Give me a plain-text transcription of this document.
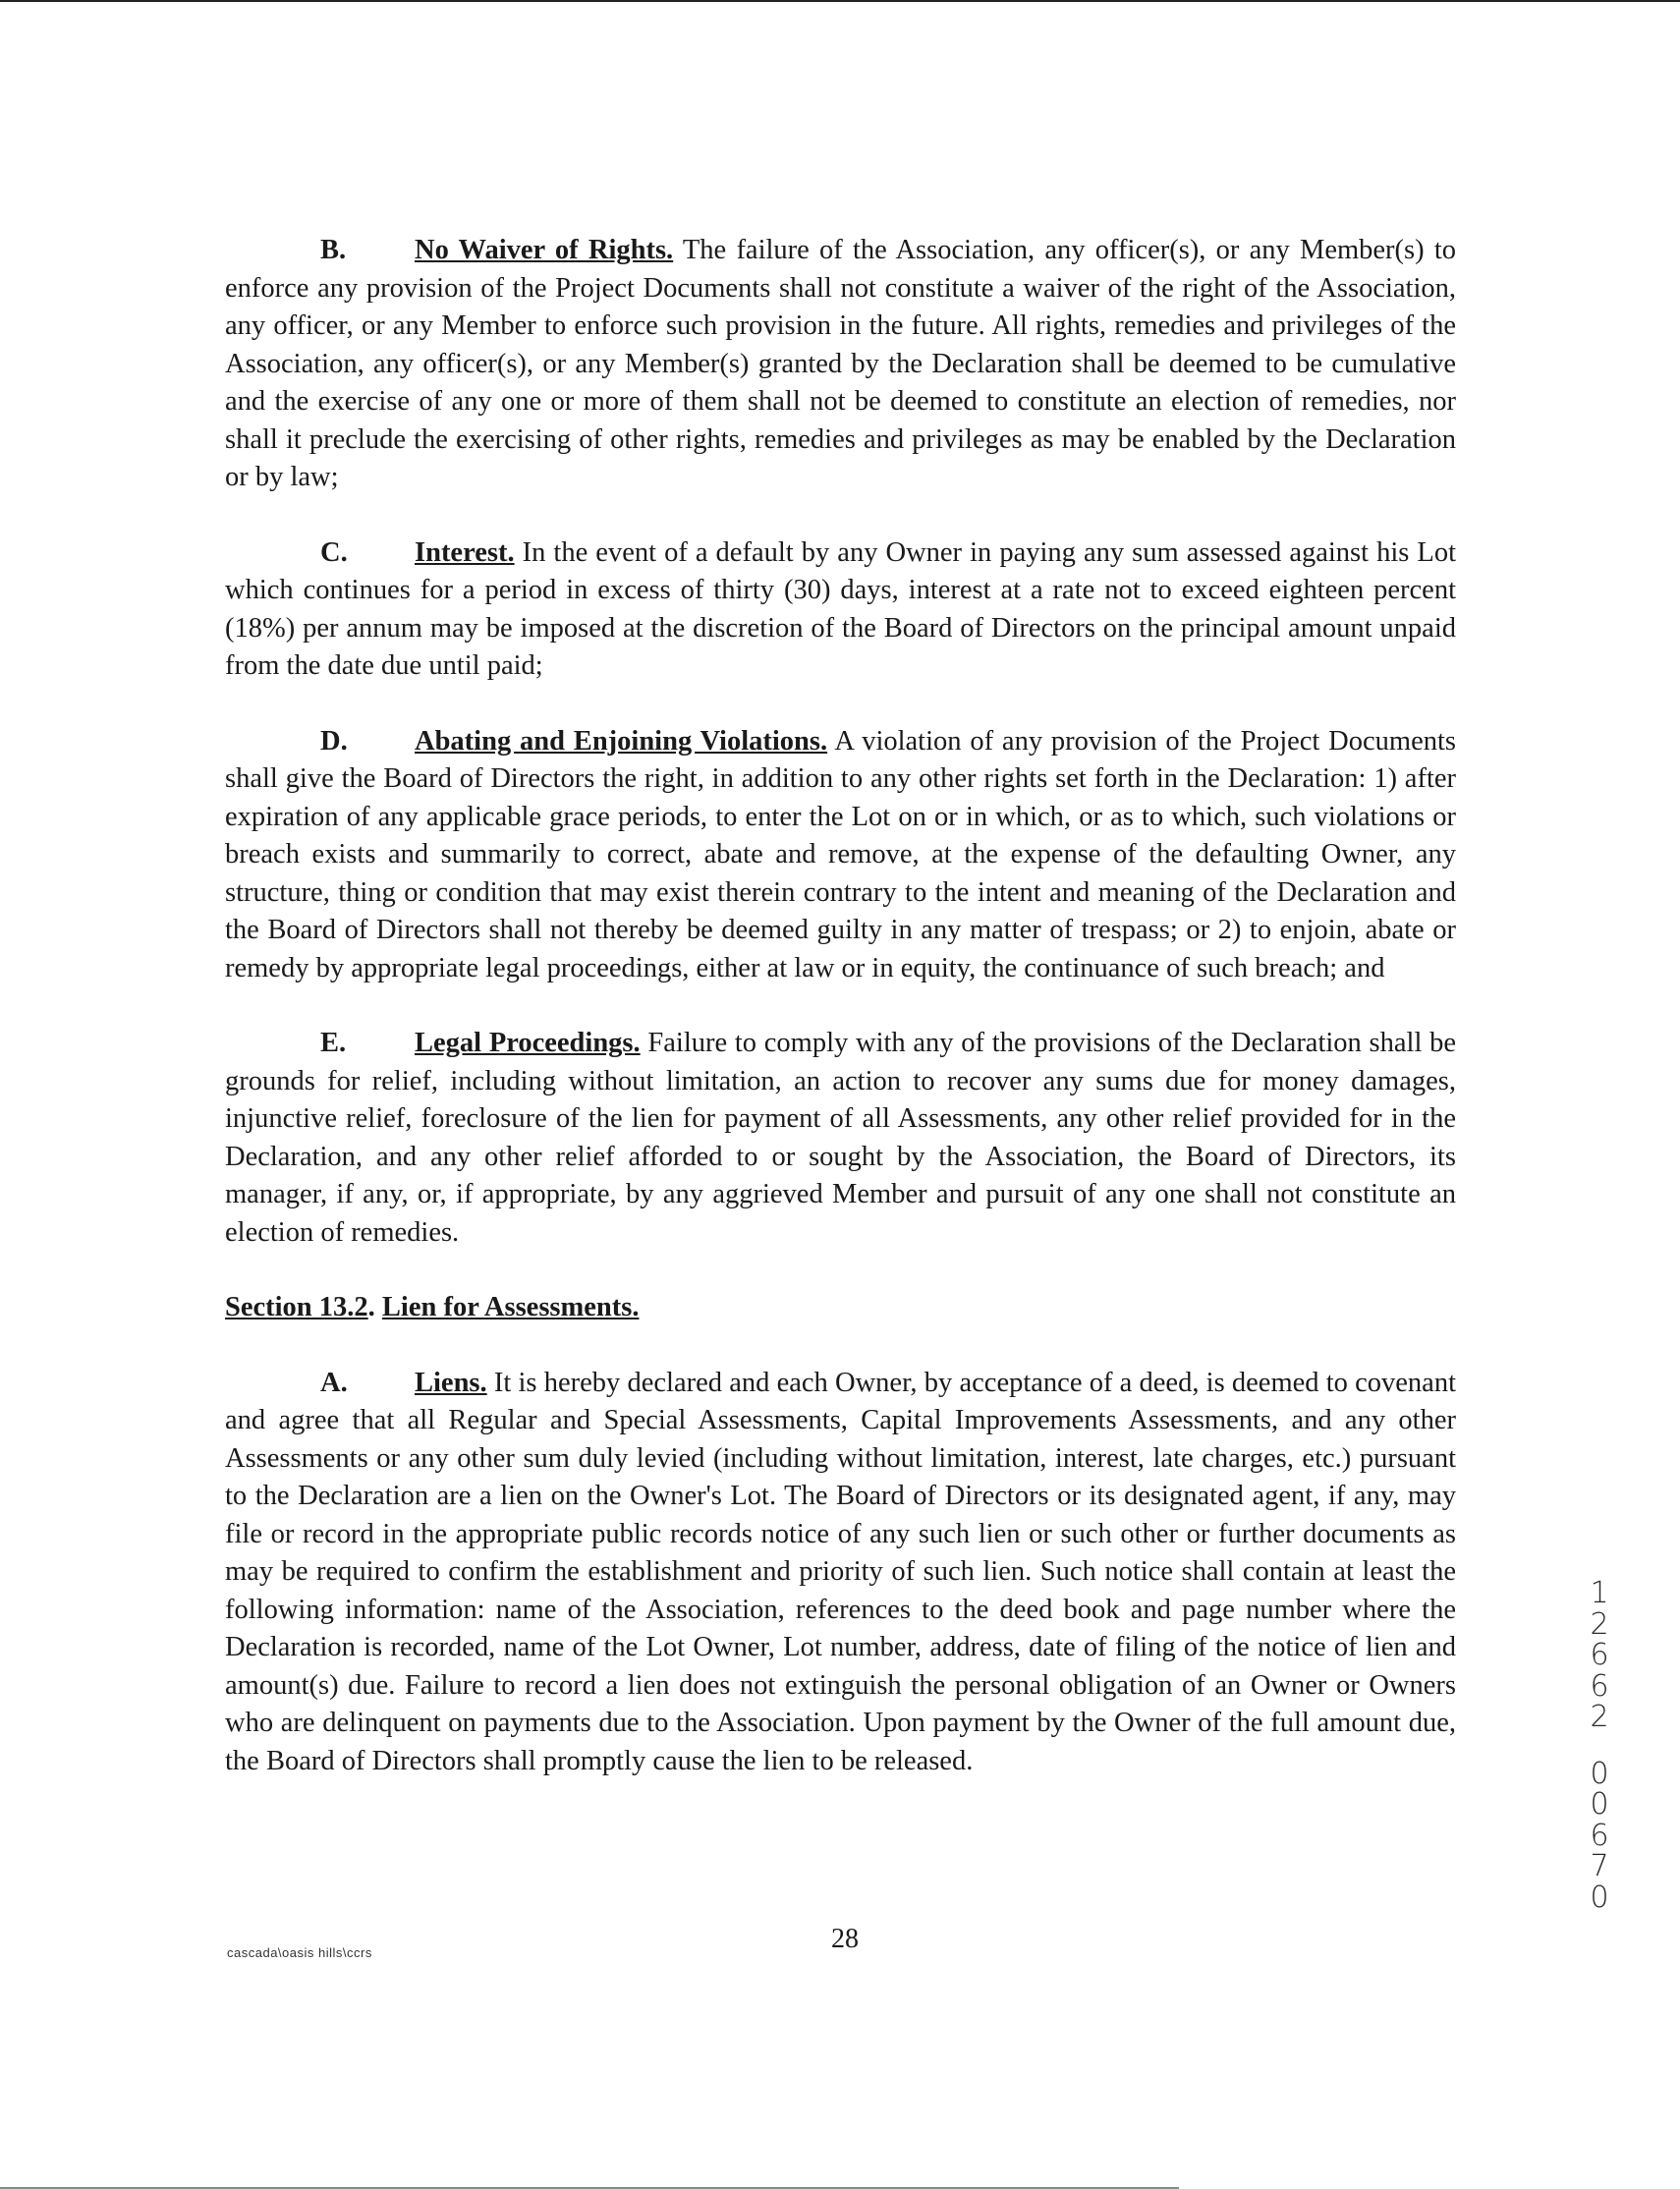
B. No Waiver of Rights. The failure of the Association, any officer(s), or any Member(s) to enforce any provision of the Project Documents shall not constitute a waiver of the right of the Association, any officer, or any Member to enforce such provision in the future. All rights, remedies and privileges of the Association, any officer(s), or any Member(s) granted by the Declaration shall be deemed to be cumulative and the exercise of any one or more of them shall not be deemed to constitute an election of remedies, nor shall it preclude the exercising of other rights, remedies and privileges as may be enabled by the Declaration or by law;

C. Interest. In the event of a default by any Owner in paying any sum assessed against his Lot which continues for a period in excess of thirty (30) days, interest at a rate not to exceed eighteen percent (18%) per annum may be imposed at the discretion of the Board of Directors on the principal amount unpaid from the date due until paid;

D. Abating and Enjoining Violations. A violation of any provision of the Project Documents shall give the Board of Directors the right, in addition to any other rights set forth in the Declaration: 1) after expiration of any applicable grace periods, to enter the Lot on or in which, or as to which, such violations or breach exists and summarily to correct, abate and remove, at the expense of the defaulting Owner, any structure, thing or condition that may exist therein contrary to the intent and meaning of the Declaration and the Board of Directors shall not thereby be deemed guilty in any matter of trespass; or 2) to enjoin, abate or remedy by appropriate legal proceedings, either at law or in equity, the continuance of such breach; and

E. Legal Proceedings. Failure to comply with any of the provisions of the Declaration shall be grounds for relief, including without limitation, an action to recover any sums due for money damages, injunctive relief, foreclosure of the lien for payment of all Assessments, any other relief provided for in the Declaration, and any other relief afforded to or sought by the Association, the Board of Directors, its manager, if any, or, if appropriate, by any aggrieved Member and pursuit of any one shall not constitute an election of remedies.

Section 13.2. Lien for Assessments.

A. Liens. It is hereby declared and each Owner, by acceptance of a deed, is deemed to covenant and agree that all Regular and Special Assessments, Capital Improvements Assessments, and any other Assessments or any other sum duly levied (including without limitation, interest, late charges, etc.) pursuant to the Declaration are a lien on the Owner's Lot. The Board of Directors or its designated agent, if any, may file or record in the appropriate public records notice of any such lien or such other or further documents as may be required to confirm the establishment and priority of such lien. Such notice shall contain at least the following information: name of the Association, references to the deed book and page number where the Declaration is recorded, name of the Lot Owner, Lot number, address, date of filing of the notice of lien and amount(s) due. Failure to record a lien does not extinguish the personal obligation of an Owner or Owners who are delinquent on payments due to the Association. Upon payment by the Owner of the full amount due, the Board of Directors shall promptly cause the lien to be released.

28
cascada\oasis hills\ccrs
1
2
6
6
2
0
0
6
7
0
